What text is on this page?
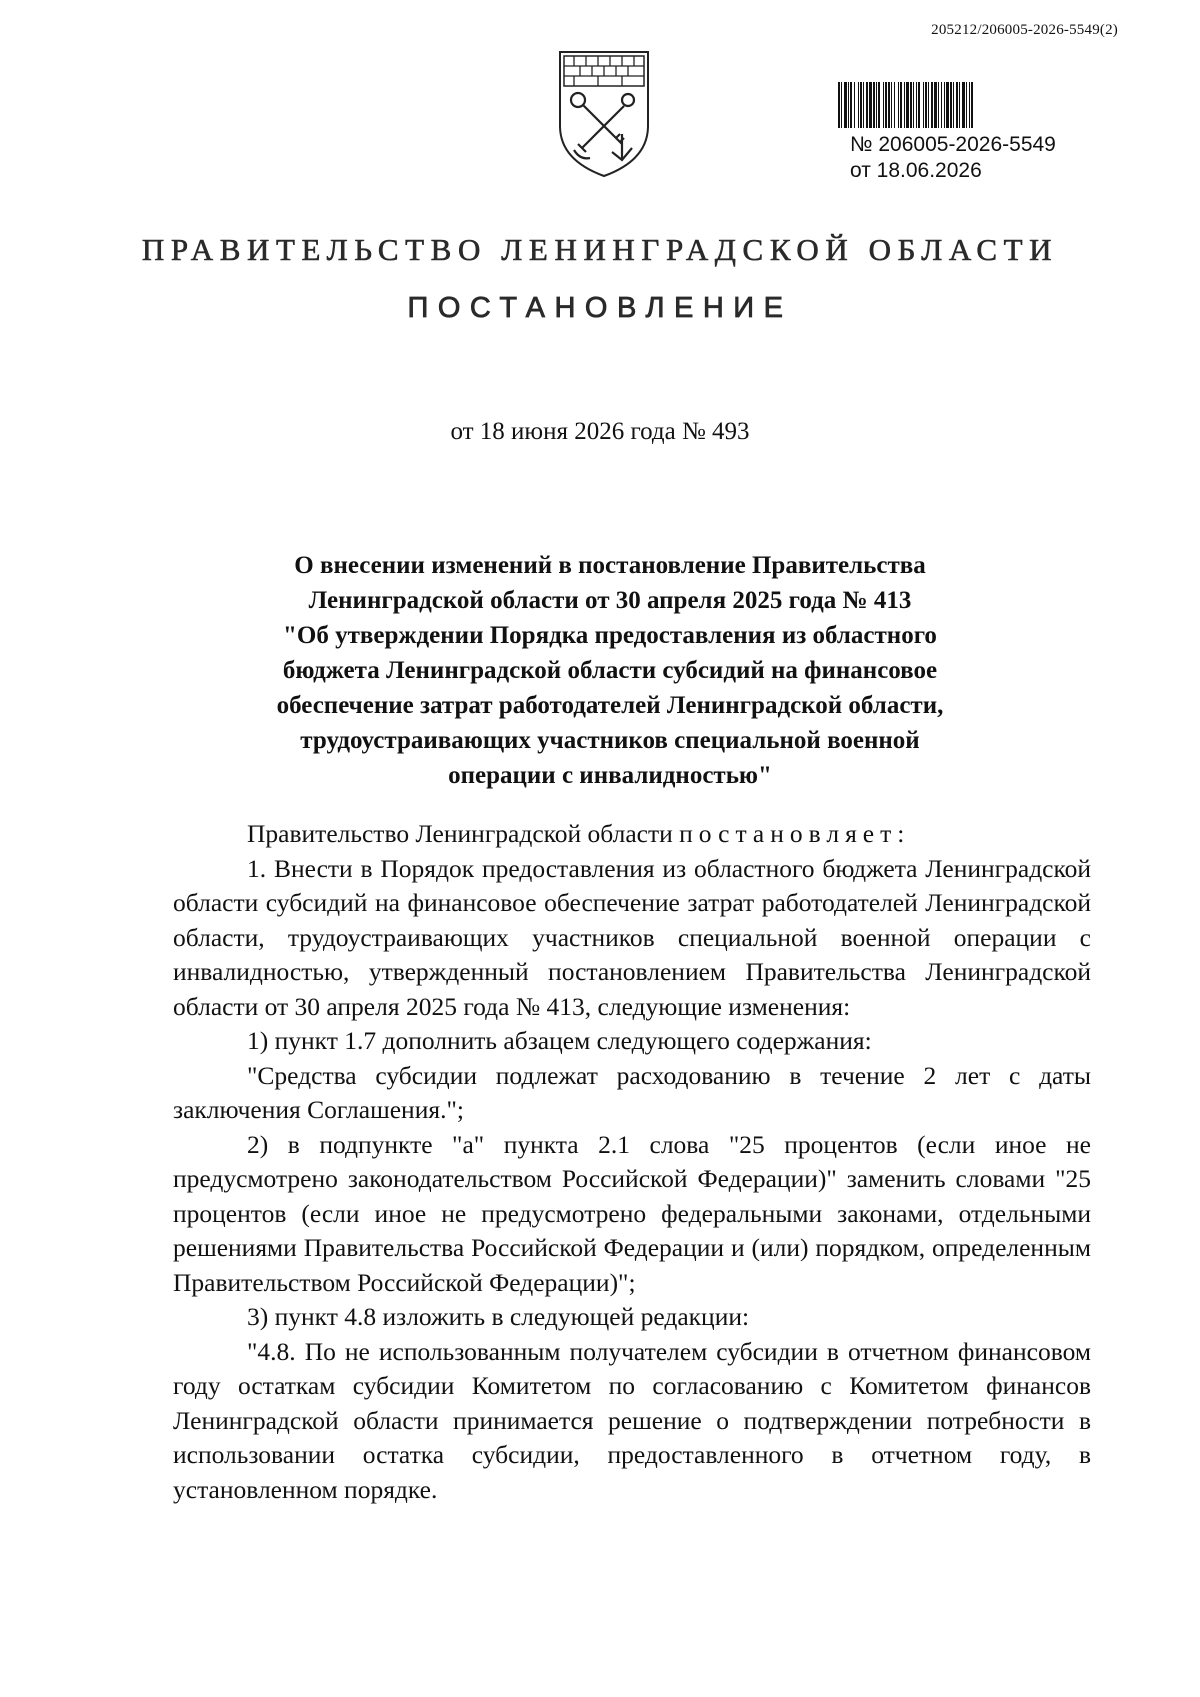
205212/206005-2026-5549(2)
№ 206005-2026-5549
от 18.06.2026
ПРАВИТЕЛЬСТВО ЛЕНИНГРАДСКОЙ ОБЛАСТИ
ПОСТАНОВЛЕНИЕ
от 18 июня 2026 года № 493
О внесении изменений в постановление Правительства
Ленинградской области от 30 апреля 2025 года № 413
"Об утверждении Порядка предоставления из областного
бюджета Ленинградской области субсидий на финансовое
обеспечение затрат работодателей Ленинградской области,
трудоустраивающих участников специальной военной
операции с инвалидностью"

Правительство Ленинградской области постановляет:

1. Внести в Порядок предоставления из областного бюджета Ленинградской области субсидий на финансовое обеспечение затрат работодателей Ленинградской области, трудоустраивающих участников специальной военной операции с инвалидностью, утвержденный постановлением Правительства Ленинградской области от 30 апреля 2025 года № 413, следующие изменения:

1) пункт 1.7 дополнить абзацем следующего содержания:

"Средства субсидии подлежат расходованию в течение 2 лет с даты заключения Соглашения.";

2) в подпункте "а" пункта 2.1 слова "25 процентов (если иное не предусмотрено законодательством Российской Федерации)" заменить словами "25 процентов (если иное не предусмотрено федеральными законами, отдельными решениями Правительства Российской Федерации и (или) порядком, определенным Правительством Российской Федерации)";

3) пункт 4.8 изложить в следующей редакции:

"4.8. По не использованным получателем субсидии в отчетном финансовом году остаткам субсидии Комитетом по согласованию с Комитетом финансов Ленинградской области принимается решение о подтверждении потребности в использовании остатка субсидии, предоставленного в отчетном году, в установленном порядке.
